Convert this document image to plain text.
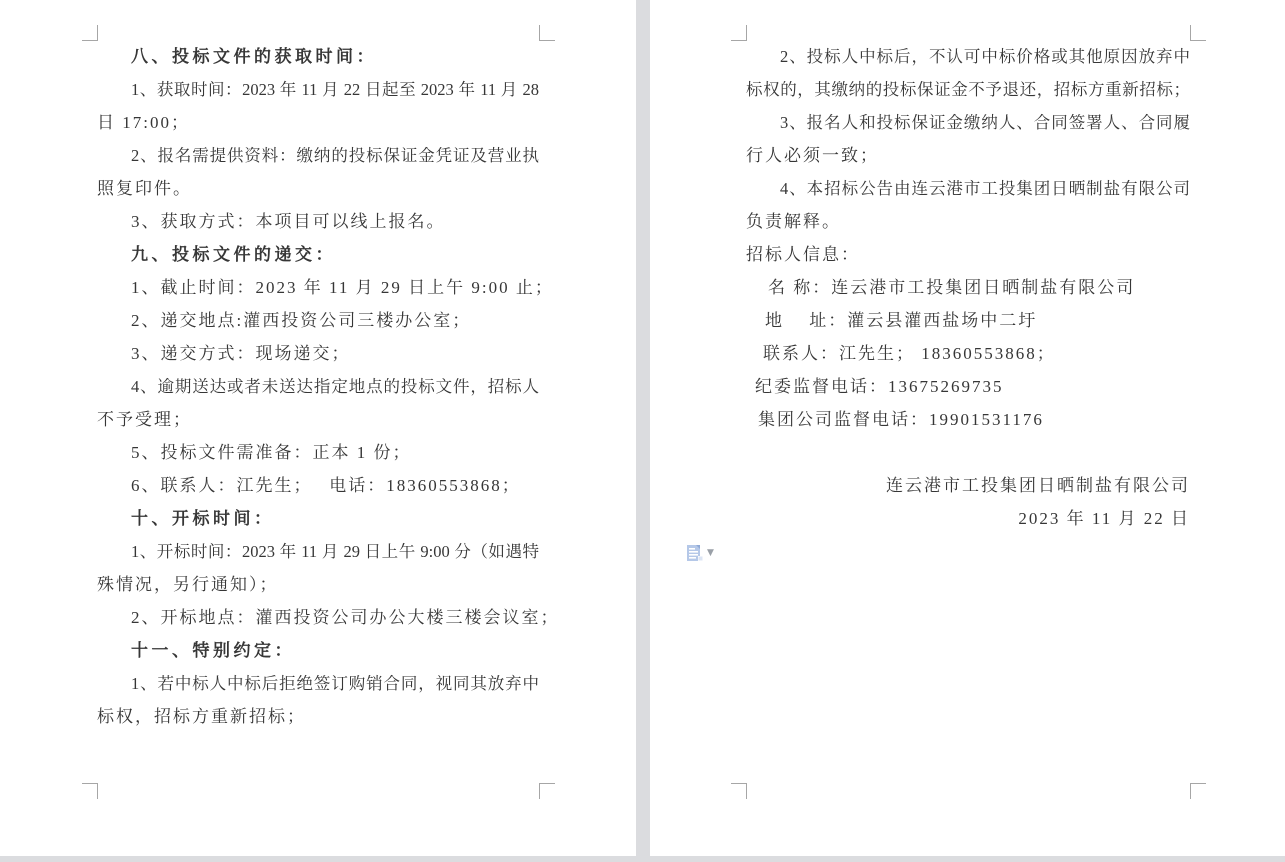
八、投标文件的获取时间：
1、获取时间：2023 年 11 月 22 日起至 2023 年 11 月 28
日 17:00；
2、报名需提供资料：缴纳的投标保证金凭证及营业执
照复印件。
3、获取方式：本项目可以线上报名。
九、投标文件的递交：
1、截止时间：2023 年 11 月 29 日上午 9:00 止；
2、递交地点:灌西投资公司三楼办公室；
3、递交方式：现场递交；
4、逾期送达或者未送达指定地点的投标文件，招标人
不予受理；
5、投标文件需准备：正本 1 份；
6、联系人：江先生；　 电话：18360553868；
十、开标时间：
1、开标时间：2023 年 11 月 29 日上午 9:00 分（如遇特
殊情况，另行通知）；
2、开标地点：灌西投资公司办公大楼三楼会议室；
十一、特别约定：
1、若中标人中标后拒绝签订购销合同，视同其放弃中
标权，招标方重新招标；
2、投标人中标后，不认可中标价格或其他原因放弃中
标权的，其缴纳的投标保证金不予退还，招标方重新招标；
3、报名人和投标保证金缴纳人、合同签署人、合同履
行人必须一致；
4、本招标公告由连云港市工投集团日晒制盐有限公司
负责解释。
招标人信息：
名 称：连云港市工投集团日晒制盐有限公司
地　 址：灌云县灌西盐场中二圩
联系人：江先生； 18360553868；
纪委监督电话：13675269735
集团公司监督电话：19901531176

连云港市工投集团日晒制盐有限公司
2023 年 11 月 22 日
▼
